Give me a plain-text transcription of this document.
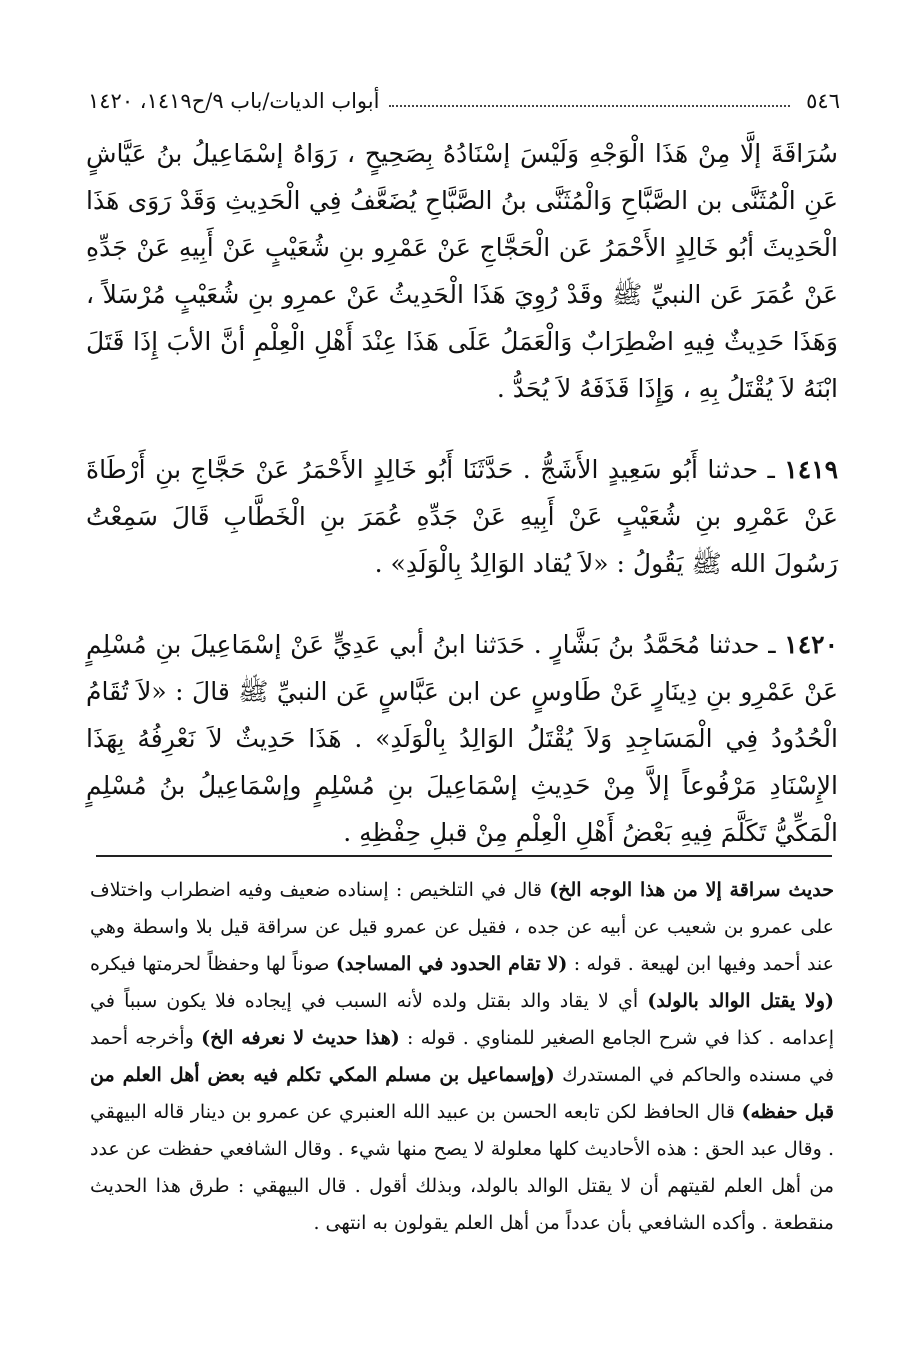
٥٤٦
أبواب الديات/باب ٩/ح١٤١٩، ١٤٢٠

سُرَاقَةَ إلَّا مِنْ هَذَا الْوَجْهِ وَلَيْسَ إسْنَادُهُ بِصَحِيحٍ ، رَوَاهُ إسْمَاعِيلُ بنُ عَيَّاشٍ عَنِ الْمُثَنَّى بن الصَّبَّاحِ وَالْمُثَنَّى بنُ الصَّبَّاحِ يُضَعَّفُ فِي الْحَدِيثِ وَقَدْ رَوَى هَذَا الْحَدِيثَ أبُو خَالِدٍ الأَحْمَرُ عَن الْحَجَّاجِ عَنْ عَمْرِو بنِ شُعَيْبٍ عَنْ أَبِيهِ عَنْ جَدِّهِ عَنْ عُمَرَ عَن النبيِّ ﷺ وقَدْ رُوِيَ هَذَا الْحَدِيثُ عَنْ عمرِو بنِ شُعَيْبٍ مُرْسَلاً ، وَهَذَا حَدِيثٌ فِيهِ اضْطِرَابٌ وَالْعَمَلُ عَلَى هَذَا عِنْدَ أَهْلِ الْعِلْمِ أنَّ الأبَ إِذَا قَتَلَ ابْنَهُ لاَ يُقْتَلُ بِهِ ، وَإِذَا قَذَفَهُ لاَ يُحَدُّ .

١٤١٩ ـ حدثنا أَبُو سَعِيدٍ الأَشَجُّ . حَدَّثَنَا أَبُو خَالِدٍ الأَحْمَرُ عَنْ حَجَّاجِ بنِ أَرْطَاةَ عَنْ عَمْرِو بنِ شُعَيْبٍ عَنْ أَبِيهِ عَنْ جَدِّهِ عُمَرَ بنِ الْخَطَّابِ قَالَ سَمِعْتُ رَسُولَ الله ﷺ يَقُولُ : «لاَ يُقاد الوَالِدُ بِالْوَلَدِ» .

١٤٢٠ ـ حدثنا مُحَمَّدُ بنُ بَشَّارٍ . حَدَثنا ابنُ أبي عَدِيٍّ عَنْ إسْمَاعِيلَ بنِ مُسْلِمٍ عَنْ عَمْرِو بنِ دِينَارٍ عَنْ طَاوسٍ عن ابن عَبَّاسٍ عَن النبيِّ ﷺ قالَ : «لاَ تُقَامُ الْحُدُودُ فِي الْمَسَاجِدِ وَلاَ يُقْتَلُ الوَالِدُ بِالْوَلَدِ» . هَذَا حَدِيثٌ لاَ نَعْرِفُهُ بِهَذَا الإِسْنَادِ مَرْفُوعاً إلاَّ مِنْ حَدِيثِ إسْمَاعِيلَ بنِ مُسْلِمٍ وإسْمَاعِيلُ بنُ مُسْلِمٍ الْمَكِّيُّ تَكَلَّمَ فِيهِ بَعْضُ أَهْلِ الْعِلْمِ مِنْ قبلِ حِفْظِهِ .

حديث سراقة إلا من هذا الوجه الخ) قال في التلخيص : إسناده ضعيف وفيه اضطراب واختلاف على عمرو بن شعيب عن أبيه عن جده ، فقيل عن عمرو قيل عن سراقة قيل بلا واسطة وهي عند أحمد وفيها ابن لهيعة . قوله : (لا تقام الحدود في المساجد) صوناً لها وحفظاً لحرمتها فيكره (ولا يقتل الوالد بالولد) أي لا يقاد والد بقتل ولده لأنه السبب في إيجاده فلا يكون سبباً في إعدامه . كذا في شرح الجامع الصغير للمناوي . قوله : (هذا حديث لا نعرفه الخ) وأخرجه أحمد في مسنده والحاكم في المستدرك (وإسماعيل بن مسلم المكي تكلم فيه بعض أهل العلم من قبل حفظه) قال الحافظ لكن تابعه الحسن بن عبيد الله العنبري عن عمرو بن دينار قاله البيهقي . وقال عبد الحق : هذه الأحاديث كلها معلولة لا يصح منها شيء . وقال الشافعي حفظت عن عدد من أهل العلم لقيتهم أن لا يقتل الوالد بالولد، وبذلك أقول . قال البيهقي : طرق هذا الحديث منقطعة . وأكده الشافعي بأن عدداً من أهل العلم يقولون به انتهى .
